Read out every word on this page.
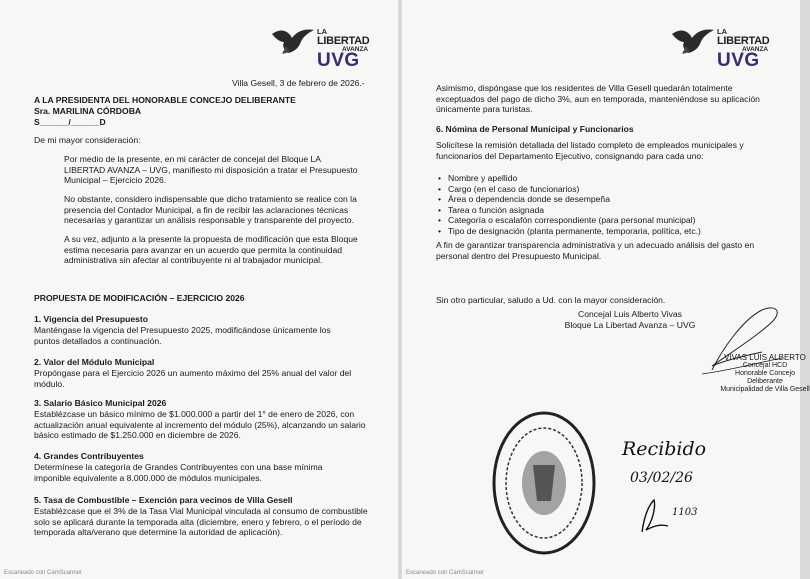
LA
LIBERTAD
AVANZA
UVG
Villa Gesell, 3 de febrero de 2026.-
A LA PRESIDENTA DEL HONORABLE CONCEJO DELIBERANTE
Sra. MARILINA CÓRDOBA
S______/______D
De mi mayor consideración:
Por medio de la presente, en mi carácter de concejal del Bloque LA LIBERTAD AVANZA – UVG, manifiesto mi disposición a tratar el Presupuesto Municipal – Ejercicio 2026.
No obstante, considero indispensable que dicho tratamiento se realice con la presencia del Contador Municipal, a fin de recibir las aclaraciones técnicas necesarias y garantizar un análisis responsable y transparente del proyecto.
A su vez, adjunto a la presente la propuesta de modificación que esta Bloque estima necesaria para avanzar en un acuerdo que permita la continuidad administrativa sin afectar al contribuyente ni al trabajador municipal.
PROPUESTA DE MODIFICACIÓN – EJERCICIO 2026
1. Vigencia del Presupuesto
Manténgase la vigencia del Presupuesto 2025, modificándose únicamente los puntos detallados a continuación.
2. Valor del Módulo Municipal
Propóngase para el Ejercicio 2026 un aumento máximo del 25% anual del valor del módulo.
3. Salario Básico Municipal 2026
Establézcase un básico mínimo de $1.000.000 a partir del 1° de enero de 2026, con actualización anual equivalente al incremento del módulo (25%), alcanzando un salario básico estimado de $1.250.000 en diciembre de 2026.
4. Grandes Contribuyentes
Determínese la categoría de Grandes Contribuyentes con una base mínima imponible equivalente a 8.000.000 de módulos municipales.
5. Tasa de Combustible – Exención para vecinos de Villa Gesell
Establézcase que el 3% de la Tasa Vial Municipal vinculada al consumo de combustible solo se aplicará durante la temporada alta (diciembre, enero y febrero, o el período de temporada alta/verano que determine la autoridad de aplicación).
Escaneado con CamScanner
LA
LIBERTAD
AVANZA
UVG
Asimismo, dispóngase que los residentes de Villa Gesell quedarán totalmente exceptuados del pago de dicho 3%, aun en temporada, manteniéndose su aplicación únicamente para turistas.
6. Nómina de Personal Municipal y Funcionarios
Solicítese la remisión detallada del listado completo de empleados municipales y funcionarios del Departamento Ejecutivo, consignando para cada uno:
• Nombre y apellido
• Cargo (en el caso de funcionarios)
• Área o dependencia donde se desempeña
• Tarea o función asignada
• Categoría o escalafón correspondiente (para personal municipal)
• Tipo de designación (planta permanente, temporaria, política, etc.)
A fin de garantizar transparencia administrativa y un adecuado análisis del gasto en personal dentro del Presupuesto Municipal.
Sin otro particular, saludo a Ud. con la mayor consideración.
Concejal Luis Alberto Vivas
Bloque La Libertad Avanza – UVG
VIVAS LUIS ALBERTO
Concejal HCD
Honorable Concejo Deliberante
Municipalidad de Villa Gesell
Recibido
03/02/26
1103
Escaneado con CamScanner
